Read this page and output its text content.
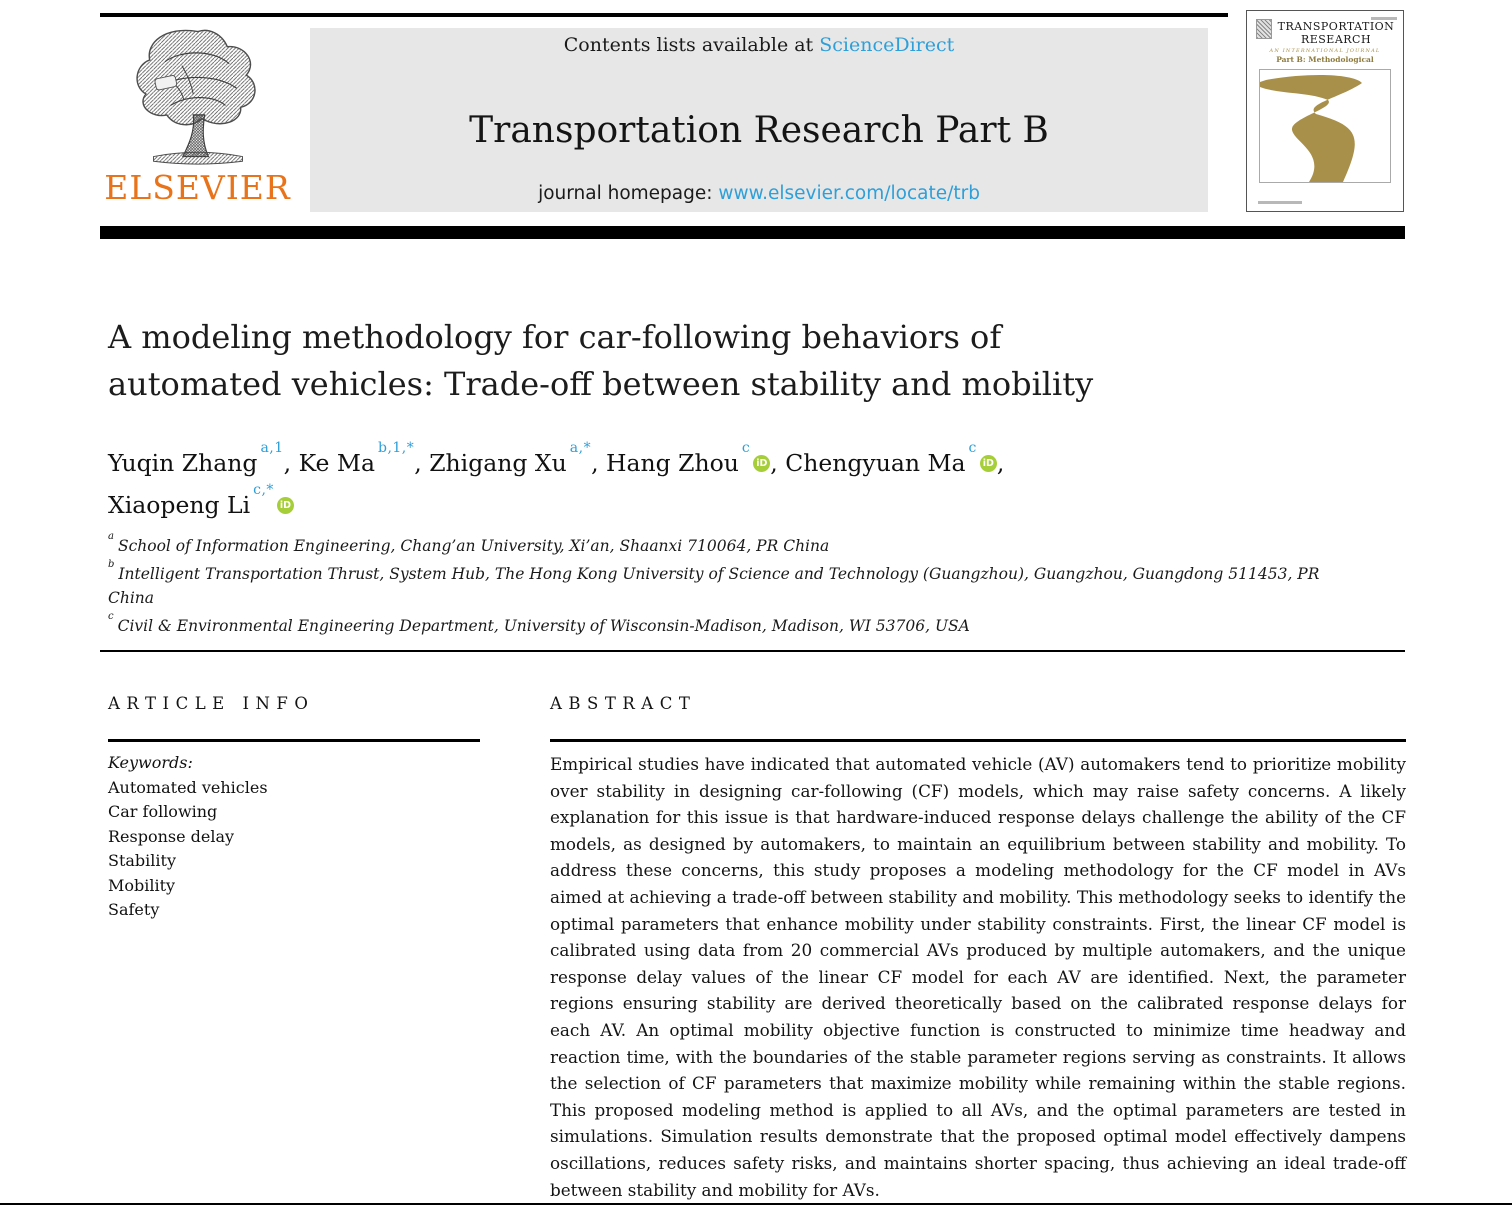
ELSEVIER
Contents lists available at ScienceDirect
Transportation Research Part B
journal homepage: www.elsevier.com/locate/trb
TRANSPORTATION
RESEARCH
AN INTERNATIONAL JOURNAL
Part B: Methodological
A modeling methodology for car-following behaviors of
automated vehicles: Trade-off between stability and mobility
Yuqin Zhang$^{a,1}$, Ke $Ma^{b,1,*}$, Zhigang $Xu^{a,*}$, Hang Zhou$^c$iD , Chengyuan Ma$^c$iD ,
Xiaopeng $Li^{c,*}iD$
$^a$School of Information Engineering, Chang’an University, Xi’an, Shaanxi 710064, PR China
$^b$Intelligent Transportation Thrust, System Hub, The Hong Kong University of Science and Technology (Guangzhou), Guangzhou, Guangdong 511453, PR China
$^c$Civil & Environmental Engineering Department, University of Wisconsin-Madison, Madison, WI 53706, USA
ARTICLE INFO
Keywords:
Automated vehicles
Car following
Response delay
Stability
Mobility
Safety
ABSTRACT
Empirical studies have indicated that automated vehicle (AV) automakers tend to prioritize mobility over stability in designing car-following (CF) models, which may raise safety concerns. A likely explanation for this issue is that hardware-induced response delays challenge the ability of the CF models, as designed by automakers, to maintain an equilibrium between stability and mobility. To address these concerns, this study proposes a modeling methodology for the CF model in AVs aimed at achieving a trade-off between stability and mobility. This methodology seeks to identify the optimal parameters that enhance mobility under stability constraints. First, the linear CF model is calibrated using data from 20 commercial AVs produced by multiple automakers, and the unique response delay values of the linear CF model for each AV are identified. Next, the parameter regions ensuring stability are derived theoretically based on the calibrated response delays for each AV. An optimal mobility objective function is constructed to minimize time headway and reaction time, with the boundaries of the stable parameter regions serving as constraints. It allows the selection of CF parameters that maximize mobility while remaining within the stable regions. This proposed modeling method is applied to all AVs, and the optimal parameters are tested in simulations. Simulation results demonstrate that the proposed optimal model effectively dampens oscillations, reduces safety risks, and maintains shorter spacing, thus achieving an ideal trade-off between stability and mobility for AVs.
